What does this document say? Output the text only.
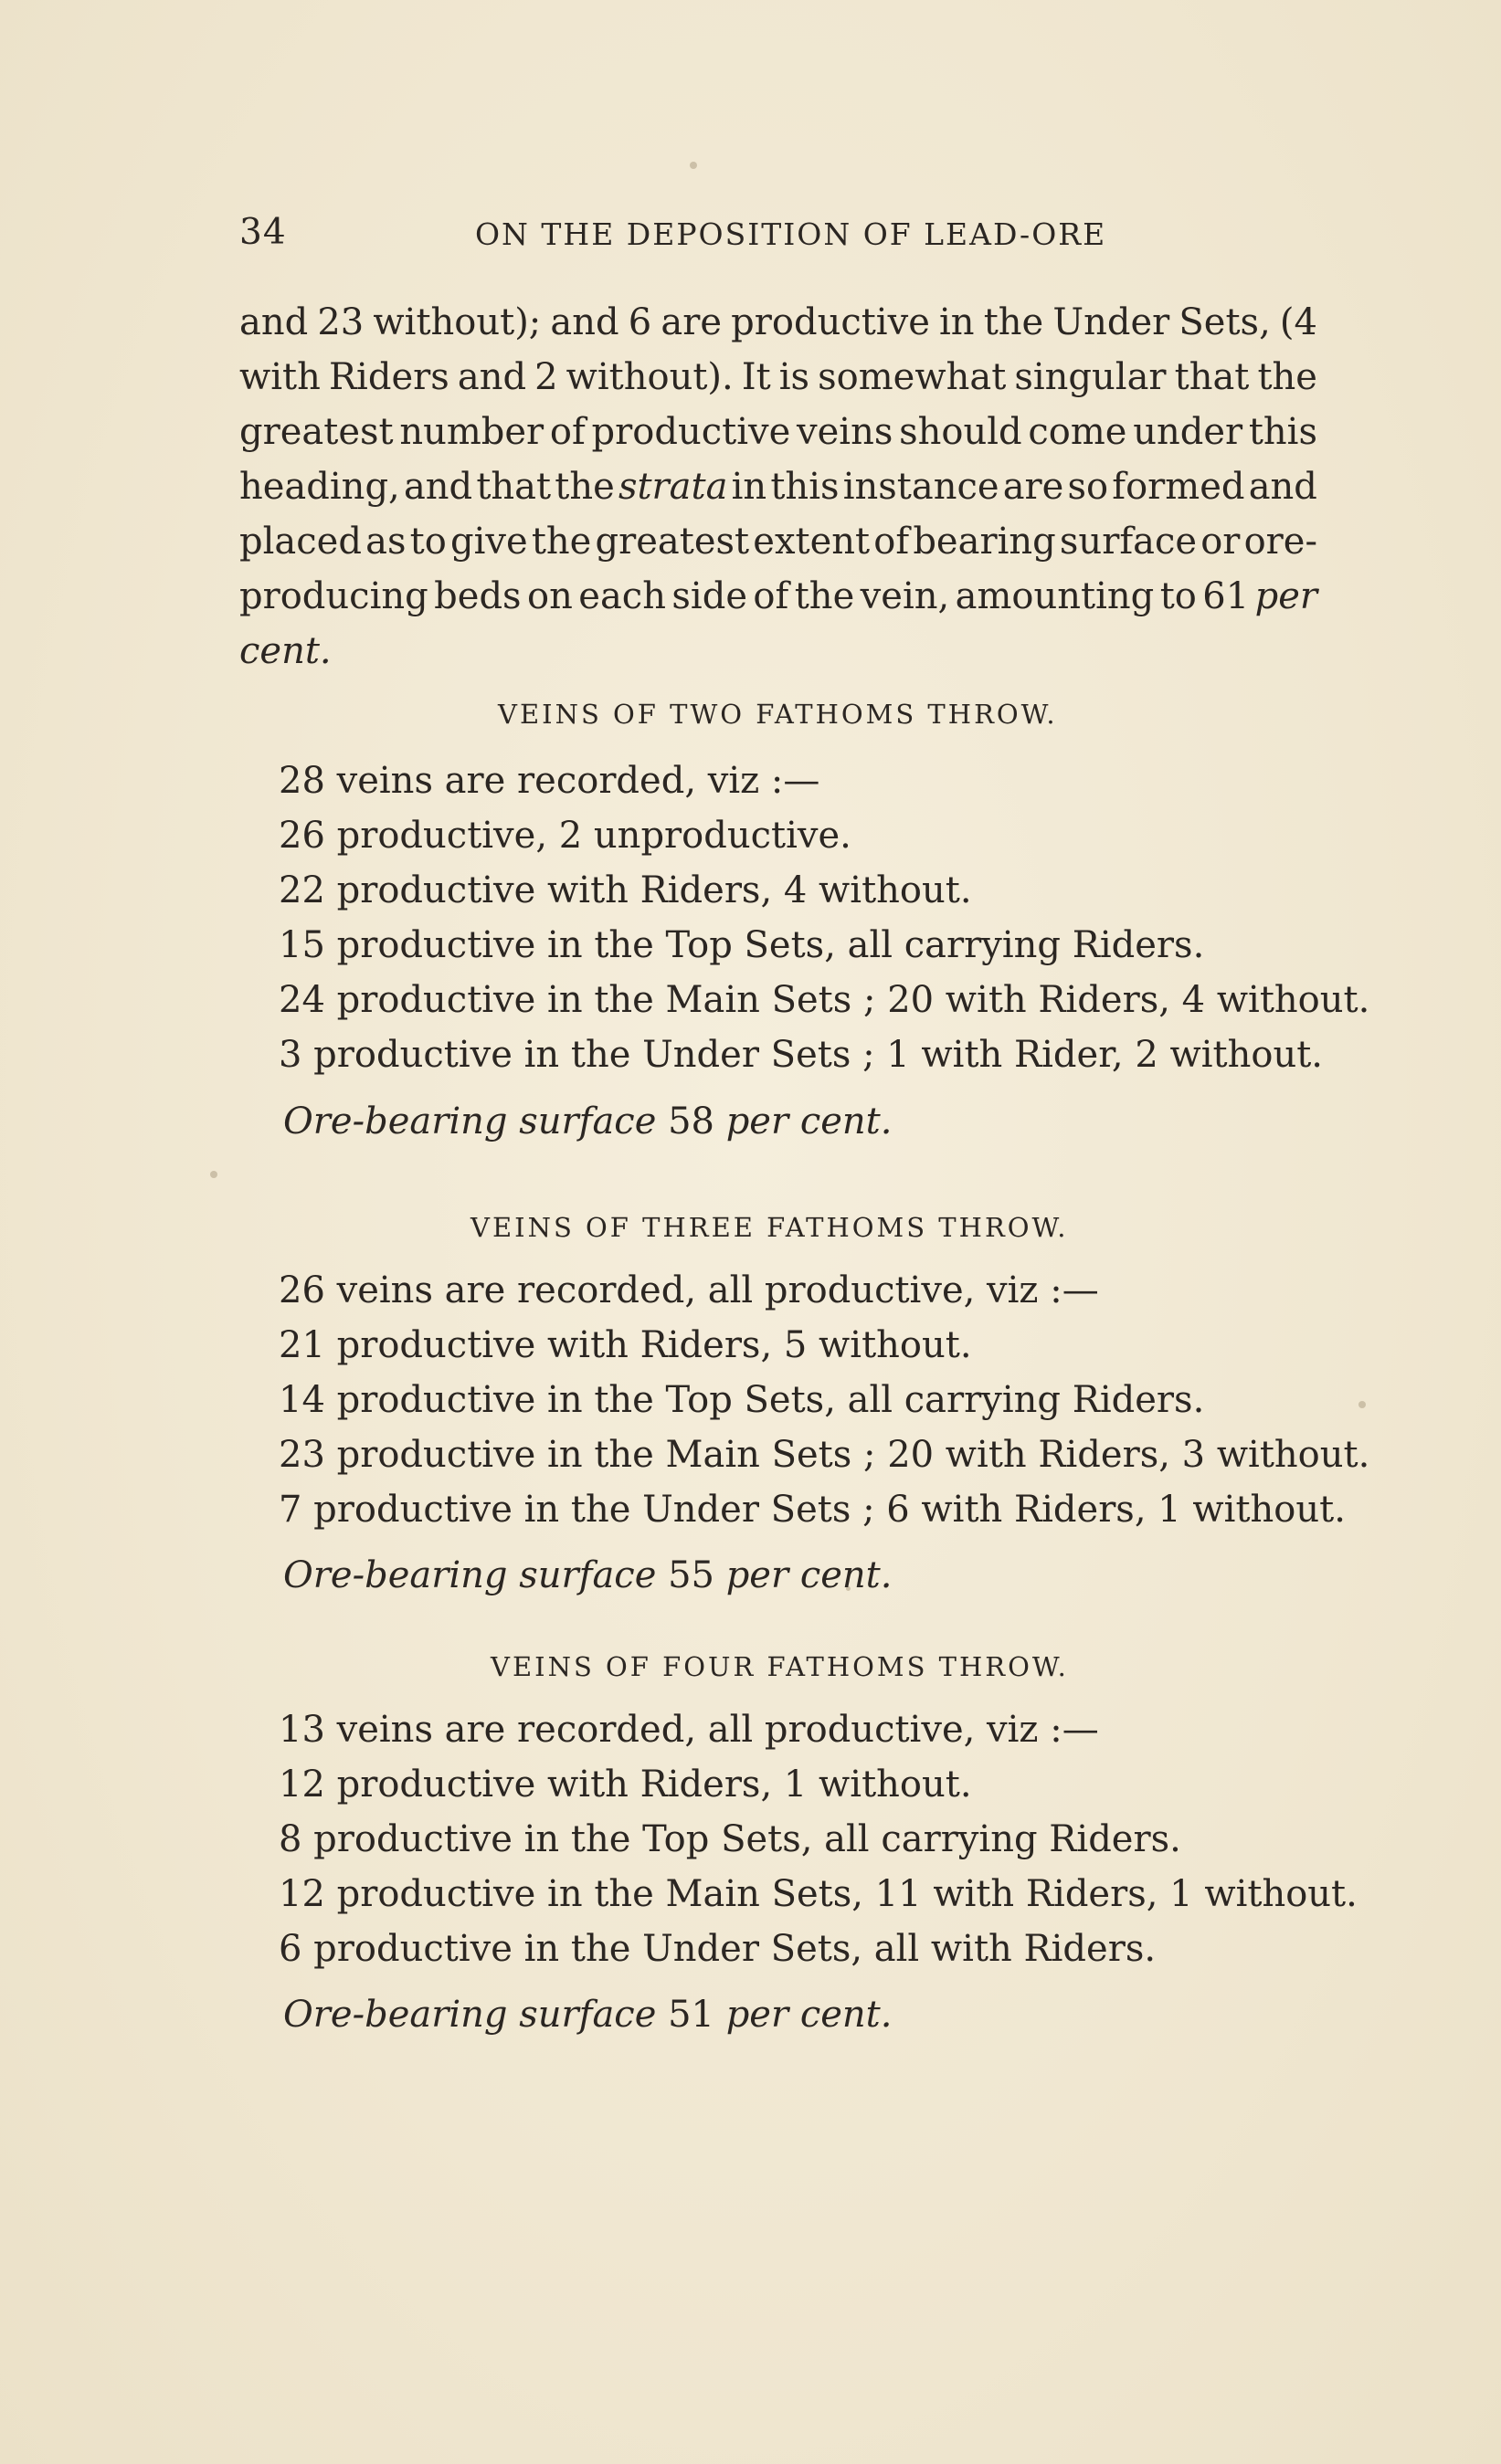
34	ON THE DEPOSITION OF LEAD-ORE
and 23 without); and 6 are productive in the Under Sets, (4
with Riders and 2 without). It is somewhat singular that the
greatest number of productive veins should come under this
heading, and that the strata in this instance are so formed and
placed as to give the greatest extent of bearing surface or ore-
producing beds on each side of the vein, amounting to 61 per
cent.
VEINS OF TWO FATHOMS THROW.
28 veins are recorded, viz :—
26 productive, 2 unproductive.
22 productive with Riders, 4 without.
15 productive in the Top Sets, all carrying Riders.
24 productive in the Main Sets ; 20 with Riders, 4 without.
3 productive in the Under Sets ; 1 with Rider, 2 without.
Ore-bearing surface 58 per cent.
VEINS OF THREE FATHOMS THROW.
26 veins are recorded, all productive, viz :—
21 productive with Riders, 5 without.
14 productive in the Top Sets, all carrying Riders.
23 productive in the Main Sets ; 20 with Riders, 3 without.
7 productive in the Under Sets ; 6 with Riders, 1 without.
Ore-bearing surface 55 per cent.
VEINS OF FOUR FATHOMS THROW.
13 veins are recorded, all productive, viz :—
12 productive with Riders, 1 without.
8 productive in the Top Sets, all carrying Riders.
12 productive in the Main Sets, 11 with Riders, 1 without.
6 productive in the Under Sets, all with Riders.
Ore-bearing surface 51 per cent.
